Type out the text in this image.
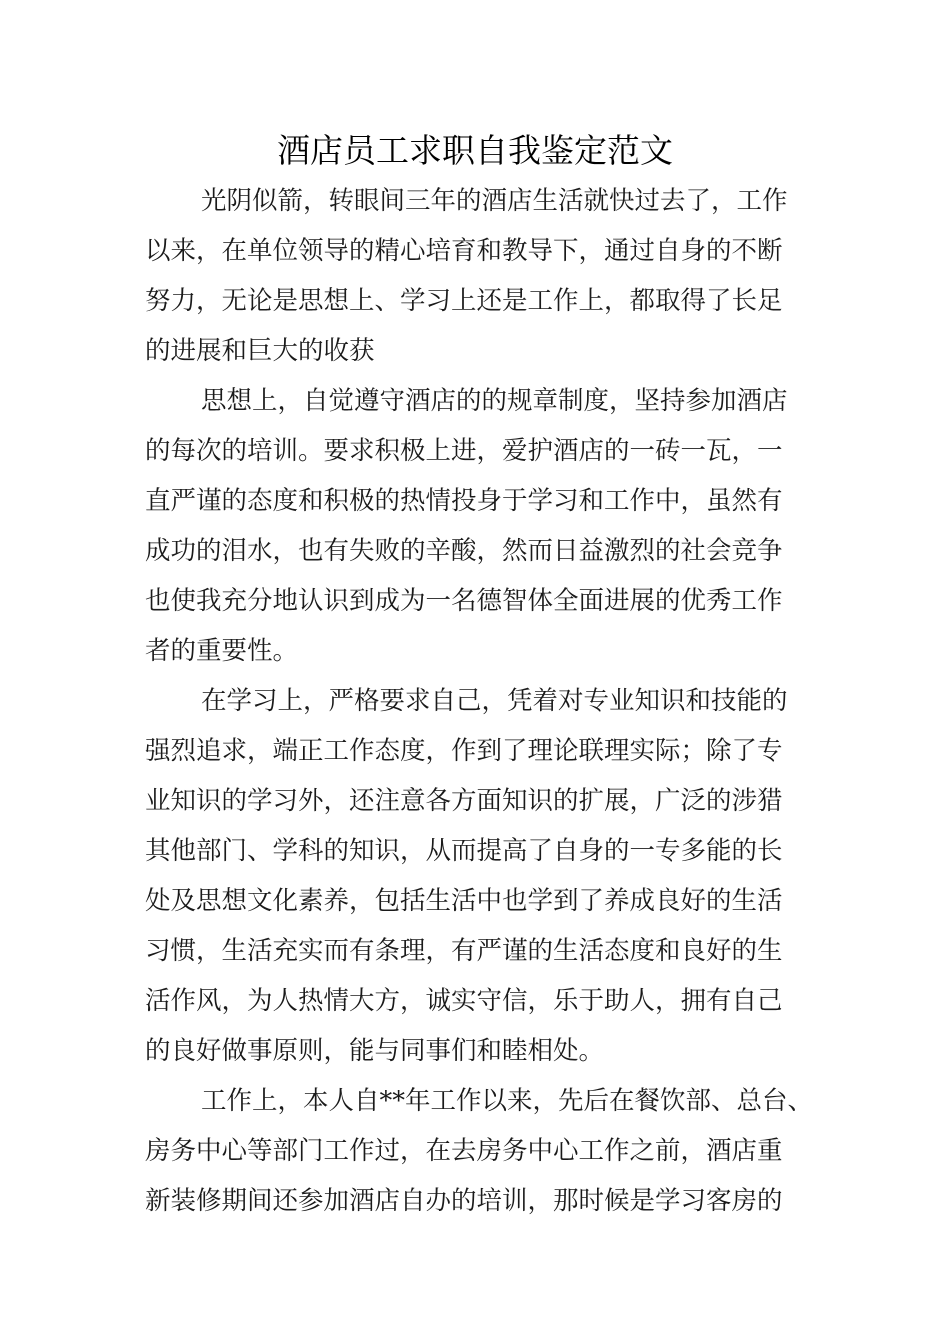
酒店员工求职自我鉴定范文
光阴似箭，转眼间三年的酒店生活就快过去了，工作
以来，在单位领导的精心培育和教导下，通过自身的不断
努力，无论是思想上、学习上还是工作上，都取得了长足
的进展和巨大的收获
思想上，自觉遵守酒店的的规章制度，坚持参加酒店
的每次的培训。要求积极上进，爱护酒店的一砖一瓦，一
直严谨的态度和积极的热情投身于学习和工作中，虽然有
成功的泪水，也有失败的辛酸，然而日益激烈的社会竞争
也使我充分地认识到成为一名德智体全面进展的优秀工作
者的重要性。
在学习上，严格要求自己，凭着对专业知识和技能的
强烈追求，端正工作态度，作到了理论联理实际；除了专
业知识的学习外，还注意各方面知识的扩展，广泛的涉猎
其他部门、学科的知识，从而提高了自身的一专多能的长
处及思想文化素养，包括生活中也学到了养成良好的生活
习惯，生活充实而有条理，有严谨的生活态度和良好的生
活作风，为人热情大方，诚实守信，乐于助人，拥有自己
的良好做事原则，能与同事们和睦相处。
工作上，本人自**年工作以来，先后在餐饮部、总台、
房务中心等部门工作过，在去房务中心工作之前，酒店重
新装修期间还参加酒店自办的培训，那时候是学习客房的
